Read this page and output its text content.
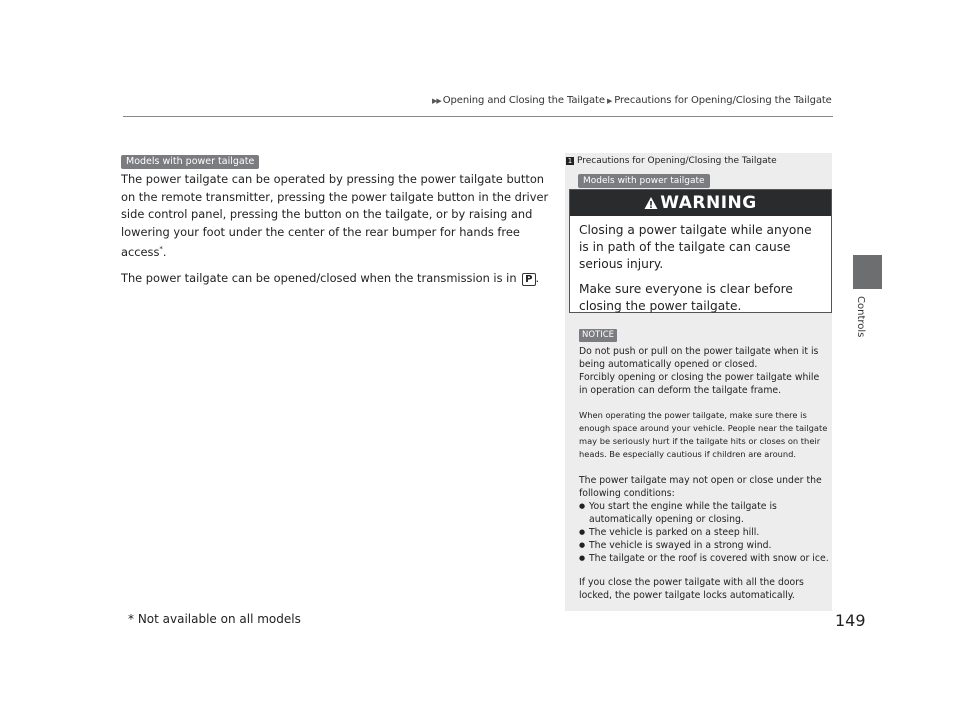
▶▶ Opening and Closing the Tailgate ▶ Precautions for Opening/Closing the Tailgate
Controls
Models with power tailgate

The power tailgate can be operated by pressing the power tailgate button on the remote transmitter, pressing the power tailgate button in the driver side control panel, pressing the button on the tailgate, or by raising and lowering your foot under the center of the rear bumper for hands free access*.

The power tailgate can be opened/closed when the transmission is in P .

1 Precautions for Opening/Closing the Tailgate
Models with power tailgate
WARNING

Closing a power tailgate while anyone is in path of the tailgate can cause serious injury.

Make sure everyone is clear before closing the power tailgate.

NOTICE

Do not push or pull on the power tailgate when it is being automatically opened or closed.

Forcibly opening or closing the power tailgate while in operation can deform the tailgate frame.

When operating the power tailgate, make sure there is enough space around your vehicle. People near the tailgate may be seriously hurt if the tailgate hits or closes on their heads. Be especially cautious if children are around.

The power tailgate may not open or close under the following conditions:

● You start the engine while the tailgate is automatically opening or closing.
● The vehicle is parked on a steep hill.
● The vehicle is swayed in a strong wind.
● The tailgate or the roof is covered with snow or ice.

If you close the power tailgate with all the doors locked, the power tailgate locks automatically.

* Not available on all models	149
